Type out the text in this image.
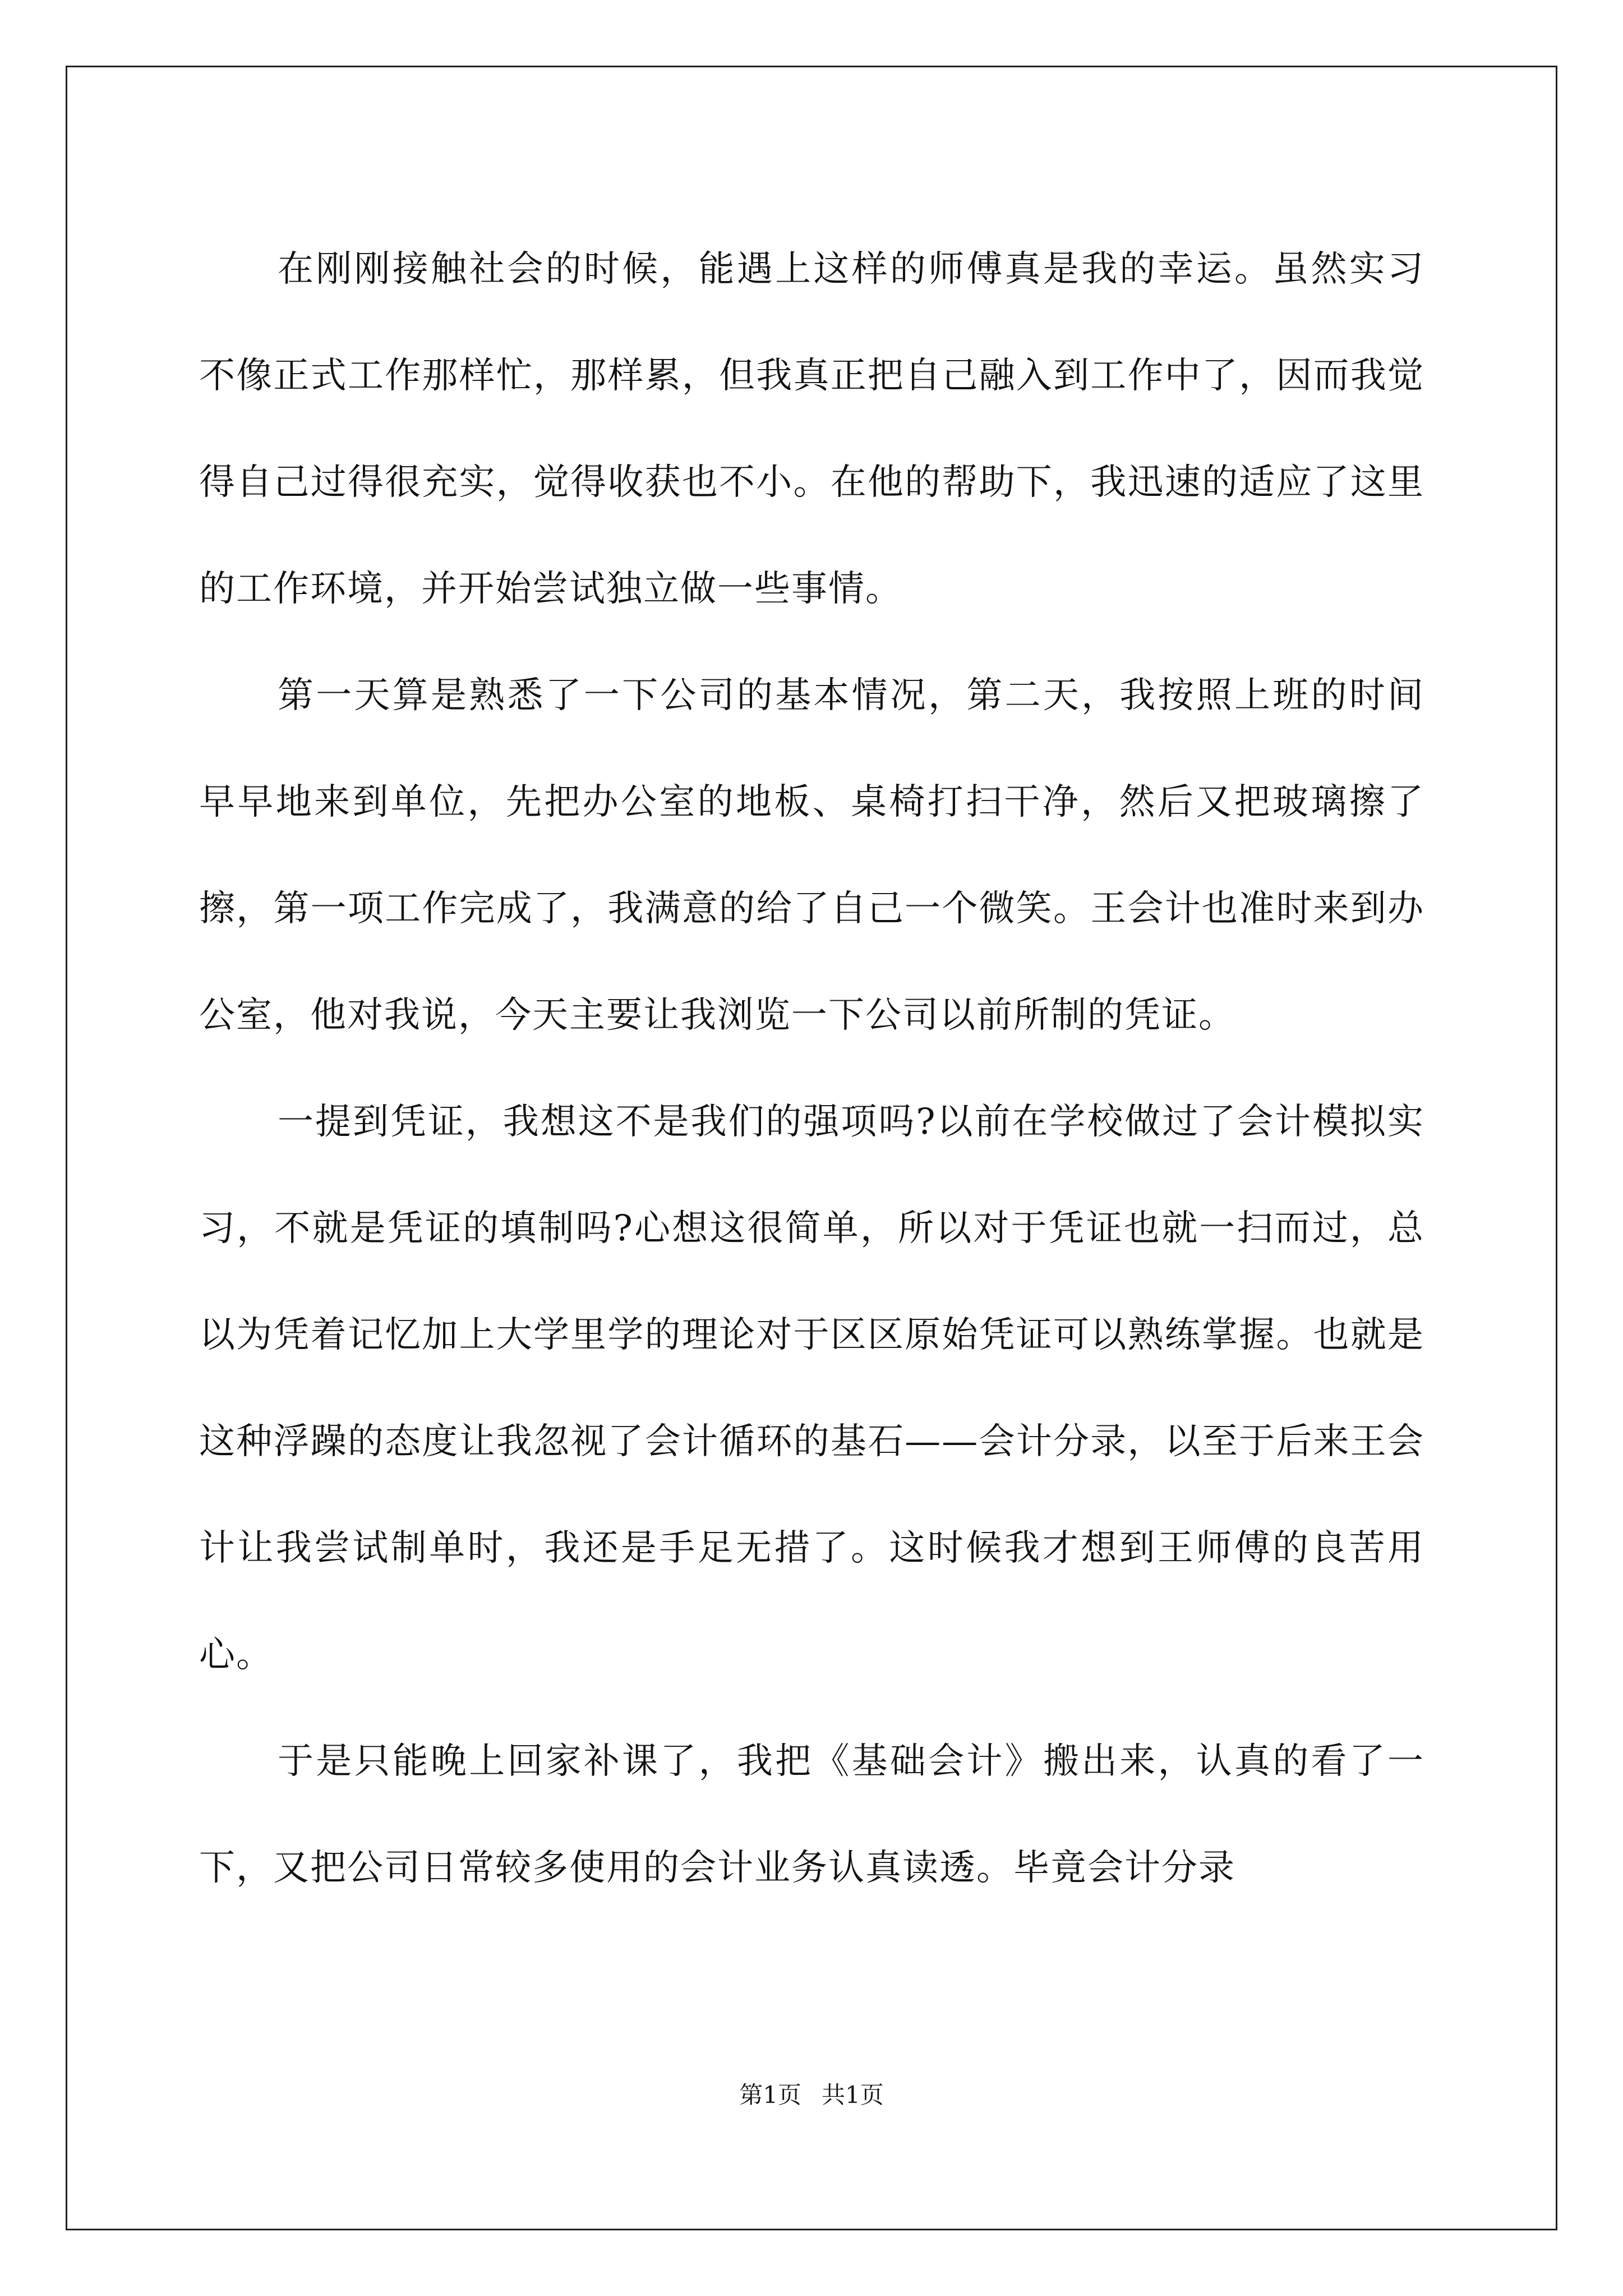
在刚刚接触社会的时候，能遇上这样的师傅真是我的幸运。虽然实习不像正式工作那样忙，那样累，但我真正把自己融入到工作中了，因而我觉得自己过得很充实，觉得收获也不小。在他的帮助下，我迅速的适应了这里的工作环境，并开始尝试独立做一些事情。

第一天算是熟悉了一下公司的基本情况，第二天，我按照上班的时间早早地来到单位，先把办公室的地板、桌椅打扫干净，然后又把玻璃擦了擦，第一项工作完成了，我满意的给了自己一个微笑。王会计也准时来到办公室，他对我说，今天主要让我浏览一下公司以前所制的凭证。

一提到凭证，我想这不是我们的强项吗?以前在学校做过了会计模拟实习，不就是凭证的填制吗?心想这很简单，所以对于凭证也就一扫而过，总以为凭着记忆加上大学里学的理论对于区区原始凭证可以熟练掌握。也就是这种浮躁的态度让我忽视了会计循环的基石——会计分录，以至于后来王会计让我尝试制单时，我还是手足无措了。这时候我才想到王师傅的良苦用心。

于是只能晚上回家补课了，我把《基础会计》搬出来，认真的看了一下，又把公司日常较多使用的会计业务认真读透。毕竟会计分录

第1页 共1页
